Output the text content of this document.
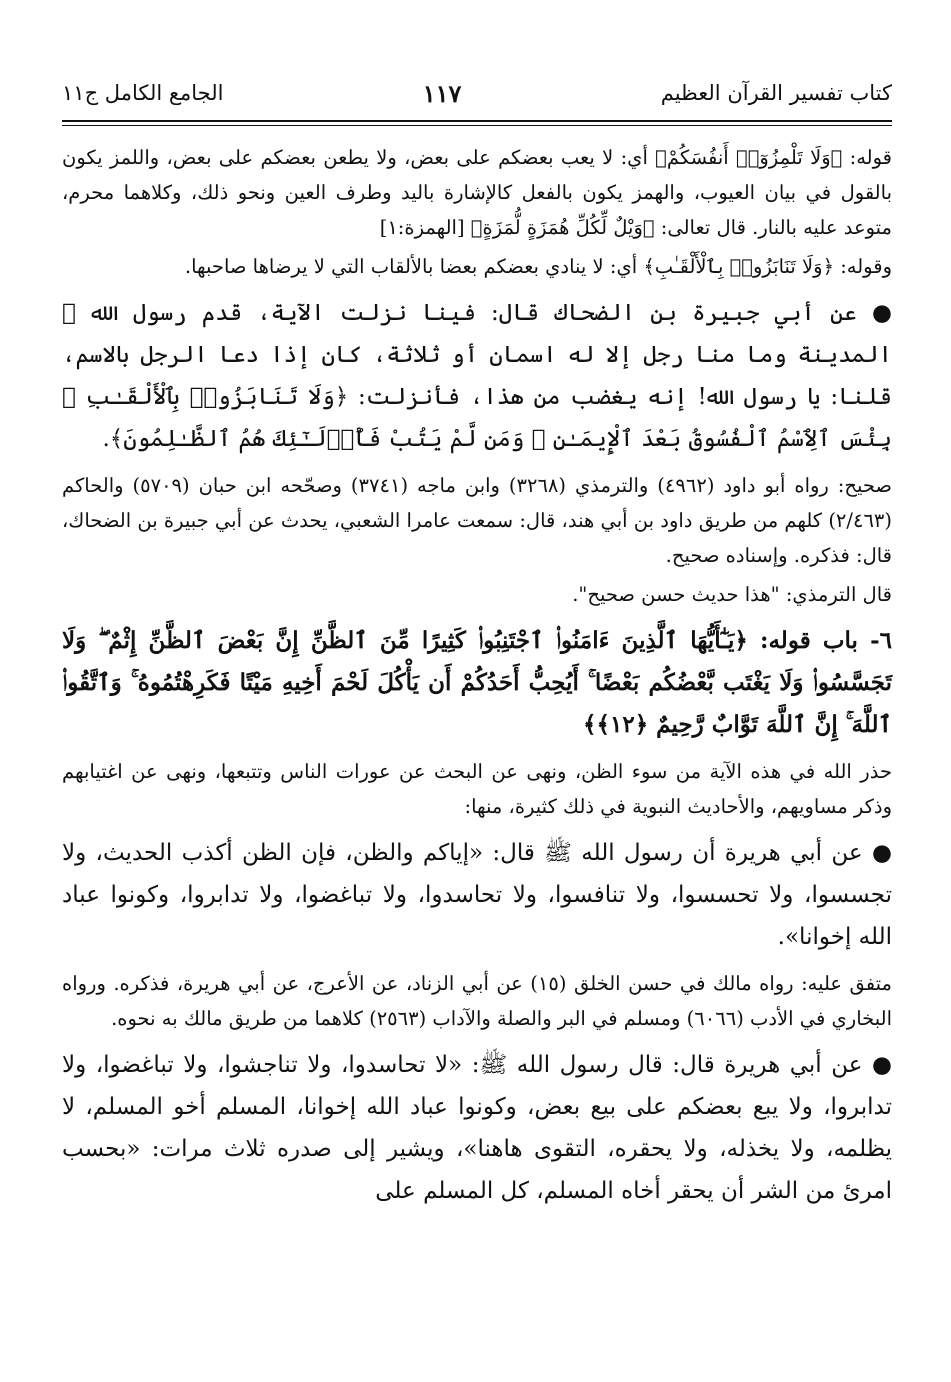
كتاب تفسير القرآن العظيم
١١٧
الجامع الكامل ج١١

قوله: ﴿وَلَا تَلْمِزُوٓا۟ أَنفُسَكُمْ﴾ أي: لا يعب بعضكم على بعض، ولا يطعن بعضكم على بعض، واللمز يكون بالقول في بيان العيوب، والهمز يكون بالفعل كالإشارة باليد وطرف العين ونحو ذلك، وكلاهما محرم، متوعد عليه بالنار. قال تعالى: ﴿وَيْلٌ لِّكُلِّ هُمَزَةٍ لُّمَزَةٍ﴾ [الهمزة:١]

وقوله: ﴿وَلَا تَنَابَزُوا۟ بِٱلْأَلْقَـٰبِ﴾ أي: لا ينادي بعضكم بعضا بالألقاب التي لا يرضاها صاحبها.

● عن أبي جبيرة بن الضحاك قال: فينا نزلت الآية، قدم رسول الله ﷺ المدينة وما منا رجل إلا له اسمان أو ثلاثة، كان إذا دعا الرجل بالاسم، قلنا: يا رسول الله! إنه يغضب من هذا، فأنزلت: ﴿وَلَا تَنَابَزُوا۟ بِٱلْأَلْقَـٰبِ ۖ بِئْسَ ٱلِٱسْمُ ٱلْفُسُوقُ بَعْدَ ٱلْإِيمَـٰنِ ۚ وَمَن لَّمْ يَتُبْ فَأُو۟لَـٰٓئِكَ هُمُ ٱلظَّـٰلِمُونَ﴾.

صحيح: رواه أبو داود (٤٩٦٢) والترمذي (٣٢٦٨) وابن ماجه (٣٧٤١) وصحّحه ابن حبان (٥٧٠٩) والحاكم (٢/٤٦٣) كلهم من طريق داود بن أبي هند، قال: سمعت عامرا الشعبي، يحدث عن أبي جبيرة بن الضحاك، قال: فذكره. وإسناده صحيح.

قال الترمذي: "هذا حديث حسن صحيح".

٦- باب قوله: ﴿يَـٰٓأَيُّهَا ٱلَّذِينَ ءَامَنُوا۟ ٱجْتَنِبُوا۟ كَثِيرًا مِّنَ ٱلظَّنِّ إِنَّ بَعْضَ ٱلظَّنِّ إِثْمٌ ۖ وَلَا تَجَسَّسُوا۟ وَلَا يَغْتَب بَّعْضُكُم بَعْضًا ۚ أَيُحِبُّ أَحَدُكُمْ أَن يَأْكُلَ لَحْمَ أَخِيهِ مَيْتًا فَكَرِهْتُمُوهُ ۚ وَٱتَّقُوا۟ ٱللَّهَ ۚ إِنَّ ٱللَّهَ تَوَّابٌ رَّحِيمٌ ﴿١٢﴾﴾

حذر الله في هذه الآية من سوء الظن، ونهى عن البحث عن عورات الناس وتتبعها، ونهى عن اغتيابهم وذكر مساويهم، والأحاديث النبوية في ذلك كثيرة، منها:

● عن أبي هريرة أن رسول الله ﷺ قال: «إياكم والظن، فإن الظن أكذب الحديث، ولا تجسسوا، ولا تحسسوا، ولا تنافسوا، ولا تحاسدوا، ولا تباغضوا، ولا تدابروا، وكونوا عباد الله إخوانا».

متفق عليه: رواه مالك في حسن الخلق (١٥) عن أبي الزناد، عن الأعرج، عن أبي هريرة، فذكره. ورواه البخاري في الأدب (٦٠٦٦) ومسلم في البر والصلة والآداب (٢٥٦٣) كلاهما من طريق مالك به نحوه.

● عن أبي هريرة قال: قال رسول الله ﷺ: «لا تحاسدوا، ولا تناجشوا، ولا تباغضوا، ولا تدابروا، ولا يبع بعضكم على بيع بعض، وكونوا عباد الله إخوانا، المسلم أخو المسلم، لا يظلمه، ولا يخذله، ولا يحقره، التقوى هاهنا»، ويشير إلى صدره ثلاث مرات: «بحسب امرئ من الشر أن يحقر أخاه المسلم، كل المسلم على
